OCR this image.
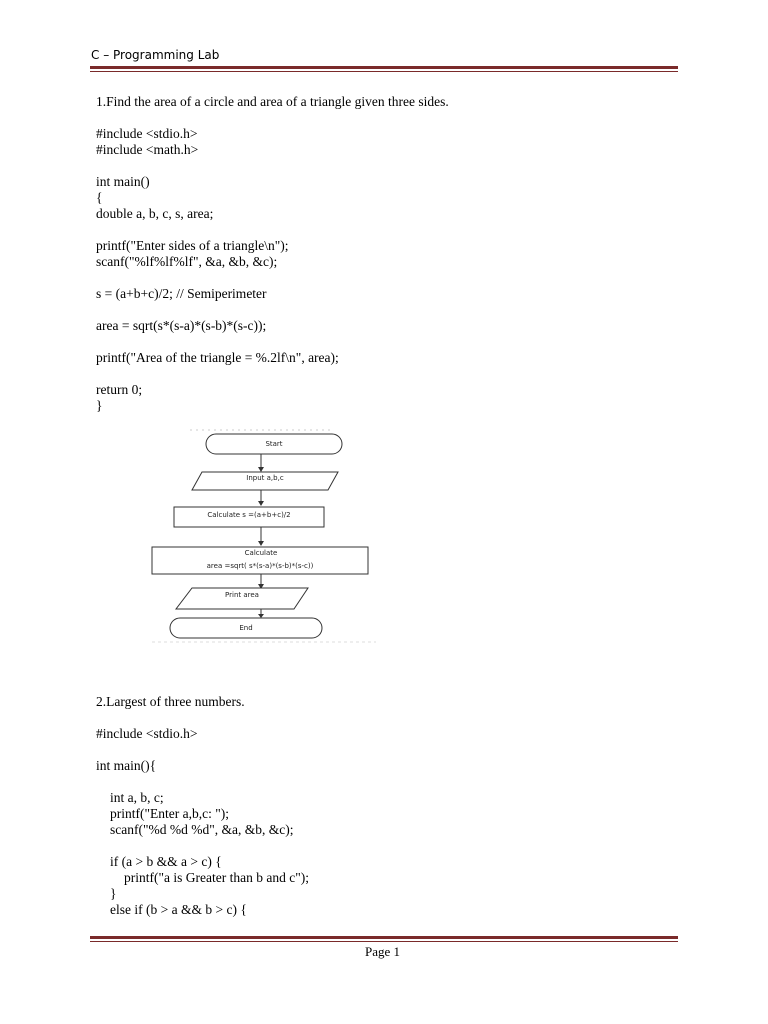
C – Programming Lab
1.Find the area of a circle and area of a triangle given three sides.
#include <stdio.h>
#include <math.h>
int main()
{
double a, b, c, s, area;
printf("Enter sides of a triangle\n");
scanf("%lf%lf%lf", &a, &b, &c);
s = (a+b+c)/2; // Semiperimeter
area = sqrt(s*(s-a)*(s-b)*(s-c));
printf("Area of the triangle = %.2lf\n", area);
return 0;
}
Start
Input a,b,c
Calculate s =(a+b+c)/2
Calculate
area =sqrt( s*(s-a)*(s-b)*(s-c))
Print area
End
2.Largest of three numbers.
#include <stdio.h>
int main(){
int a, b, c;
printf("Enter a,b,c: ");
scanf("%d %d %d", &a, &b, &c);
if (a > b && a > c) {
printf("a is Greater than b and c");
}
else if (b > a && b > c) {
Page 1
